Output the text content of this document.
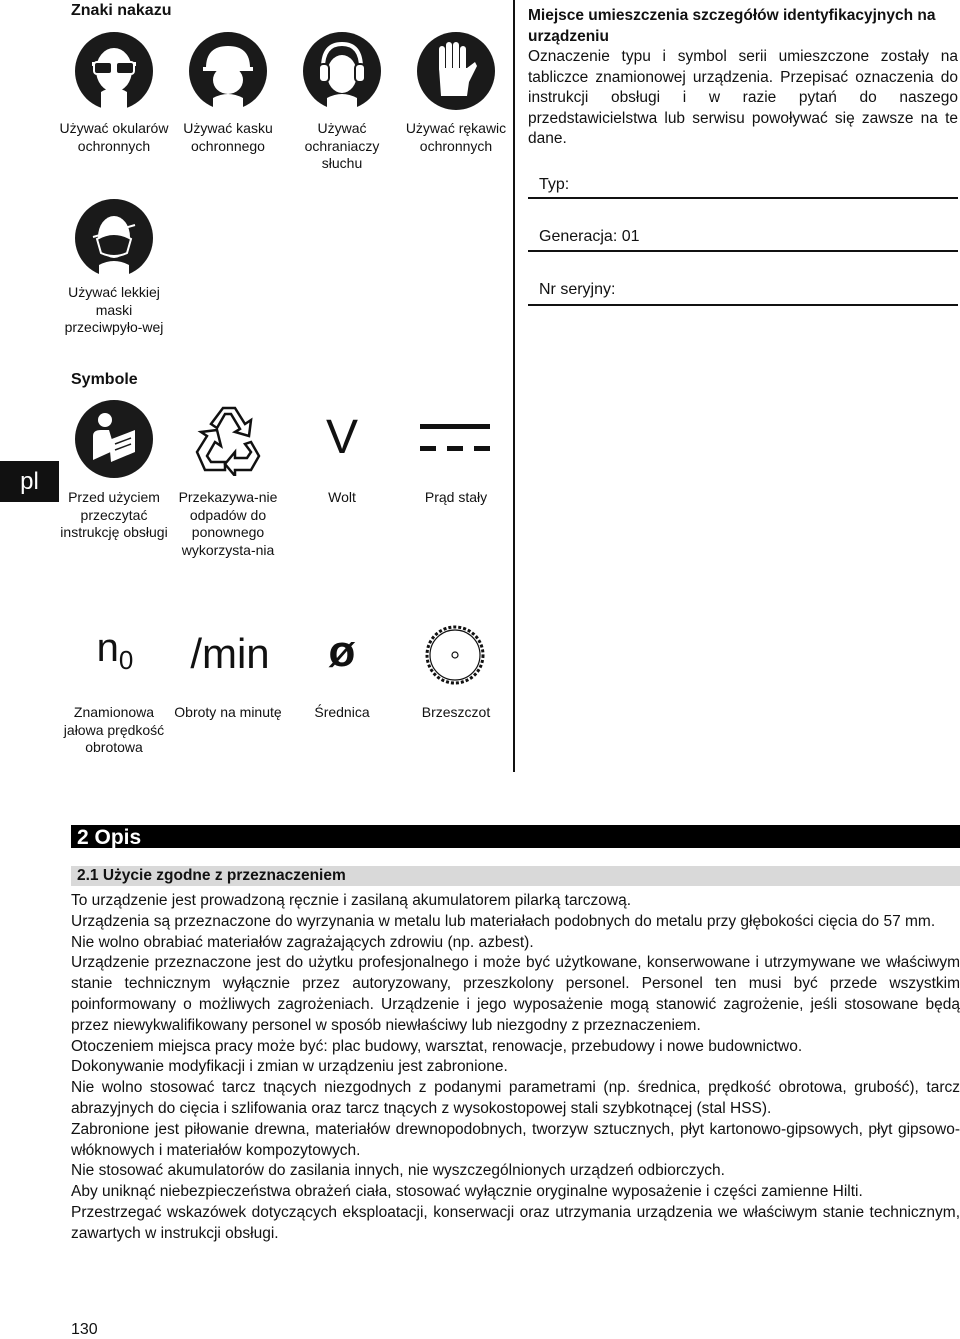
Znaki nakazu
Używać okularów ochronnych
Używać kasku ochronnego
Używać ochraniaczy słuchu
Używać rękawic ochronnych
Używać lekkiej maski przeciwpyło-wej
Symbole
pl
Przed użyciem przeczytać instrukcję obsługi
Przekazywa-nie odpadów do ponownego wykorzysta-nia
V
Wolt	Prąd stały
$n_0$
Znamionowa jałowa prędkość obrotowa
/min
Obroty na minutę
ø
Średnica	Brzeszczot
Miejsce umieszczenia szczegółów identyfikacyjnych na urządzeniu
Oznaczenie typu i symbol serii umieszczone zostały na tabliczce znamionowej urządzenia. Przepisać oznaczenia do instrukcji obsługi i w razie pytań do naszego przedstawicielstwa lub serwisu powoływać się zawsze na te dane.
Typ:
Generacja: 01
Nr seryjny:
2 Opis
2.1 Użycie zgodne z przeznaczeniem

To urządzenie jest prowadzoną ręcznie i zasilaną akumulatorem pilarką tarczową.

Urządzenia są przeznaczone do wyrzynania w metalu lub materiałach podobnych do metalu przy głębokości cięcia do 57 mm.

Nie wolno obrabiać materiałów zagrażających zdrowiu (np. azbest).

Urządzenie przeznaczone jest do użytku profesjonalnego i może być użytkowane, konserwowane i utrzymywane we właściwym stanie technicznym wyłącznie przez autoryzowany, przeszkolony personel. Personel ten musi być przede wszystkim poinformowany o możliwych zagrożeniach. Urządzenie i jego wyposażenie mogą stanowić zagrożenie, jeśli stosowane będą przez niewykwalifikowany personel w sposób niewłaściwy lub niezgodny z przeznaczeniem.

Otoczeniem miejsca pracy może być: plac budowy, warsztat, renowacje, przebudowy i nowe budownictwo.

Dokonywanie modyfikacji i zmian w urządzeniu jest zabronione.

Nie wolno stosować tarcz tnących niezgodnych z podanymi parametrami (np. średnica, prędkość obrotowa, grubość), tarcz abrazyjnych do cięcia i szlifowania oraz tarcz tnących z wysokostopowej stali szybkotnącej (stal HSS).

Zabronione jest piłowanie drewna, materiałów drewnopodobnych, tworzyw sztucznych, płyt kartonowo-gipsowych, płyt gipsowo-włóknowych i materiałów kompozytowych.

Nie stosować akumulatorów do zasilania innych, nie wyszczególnionych urządzeń odbiorczych.

Aby uniknąć niebezpieczeństwa obrażeń ciała, stosować wyłącznie oryginalne wyposażenie i części zamienne Hilti.

Przestrzegać wskazówek dotyczących eksploatacji, konserwacji oraz utrzymania urządzenia we właściwym stanie technicznym, zawartych w instrukcji obsługi.

130
